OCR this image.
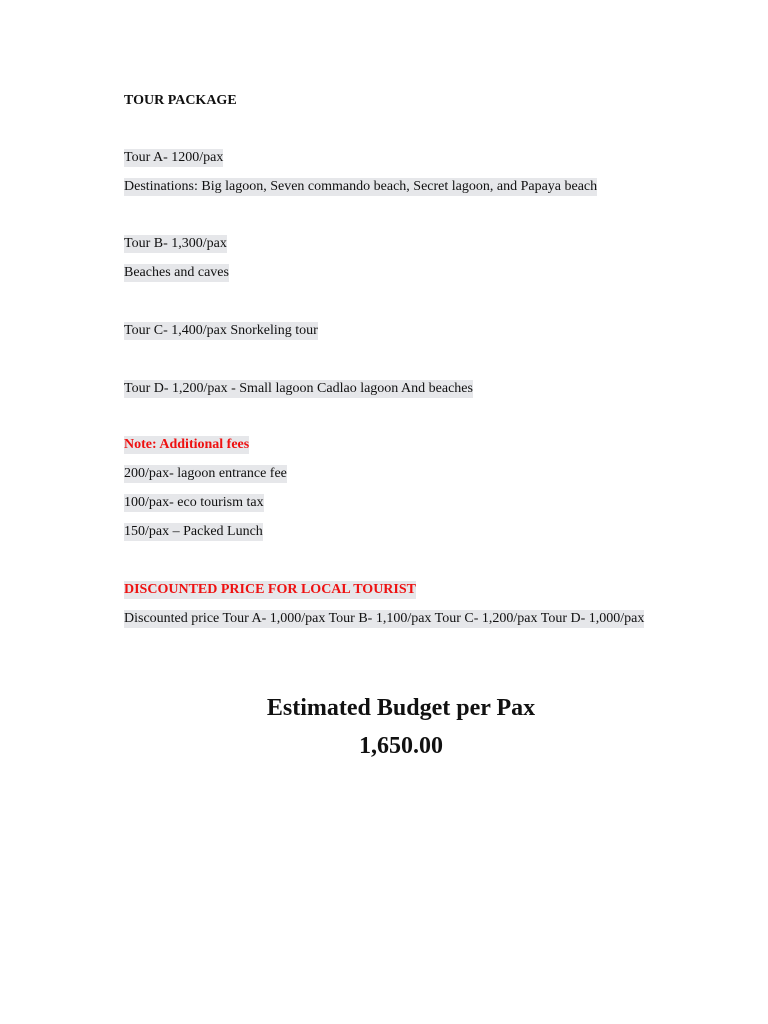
TOUR PACKAGE
Tour A- 1200/pax
Destinations: Big lagoon, Seven commando beach, Secret lagoon, and Papaya beach
Tour B- 1,300/pax
Beaches and caves
Tour C- 1,400/pax Snorkeling tour
Tour D- 1,200/pax - Small lagoon Cadlao lagoon And beaches
Note: Additional fees
200/pax- lagoon entrance fee
100/pax- eco tourism tax
150/pax – Packed Lunch
DISCOUNTED PRICE FOR LOCAL TOURIST
Discounted price Tour A- 1,000/pax Tour B- 1,100/pax Tour C- 1,200/pax Tour D- 1,000/pax
Estimated Budget per Pax
1,650.00
